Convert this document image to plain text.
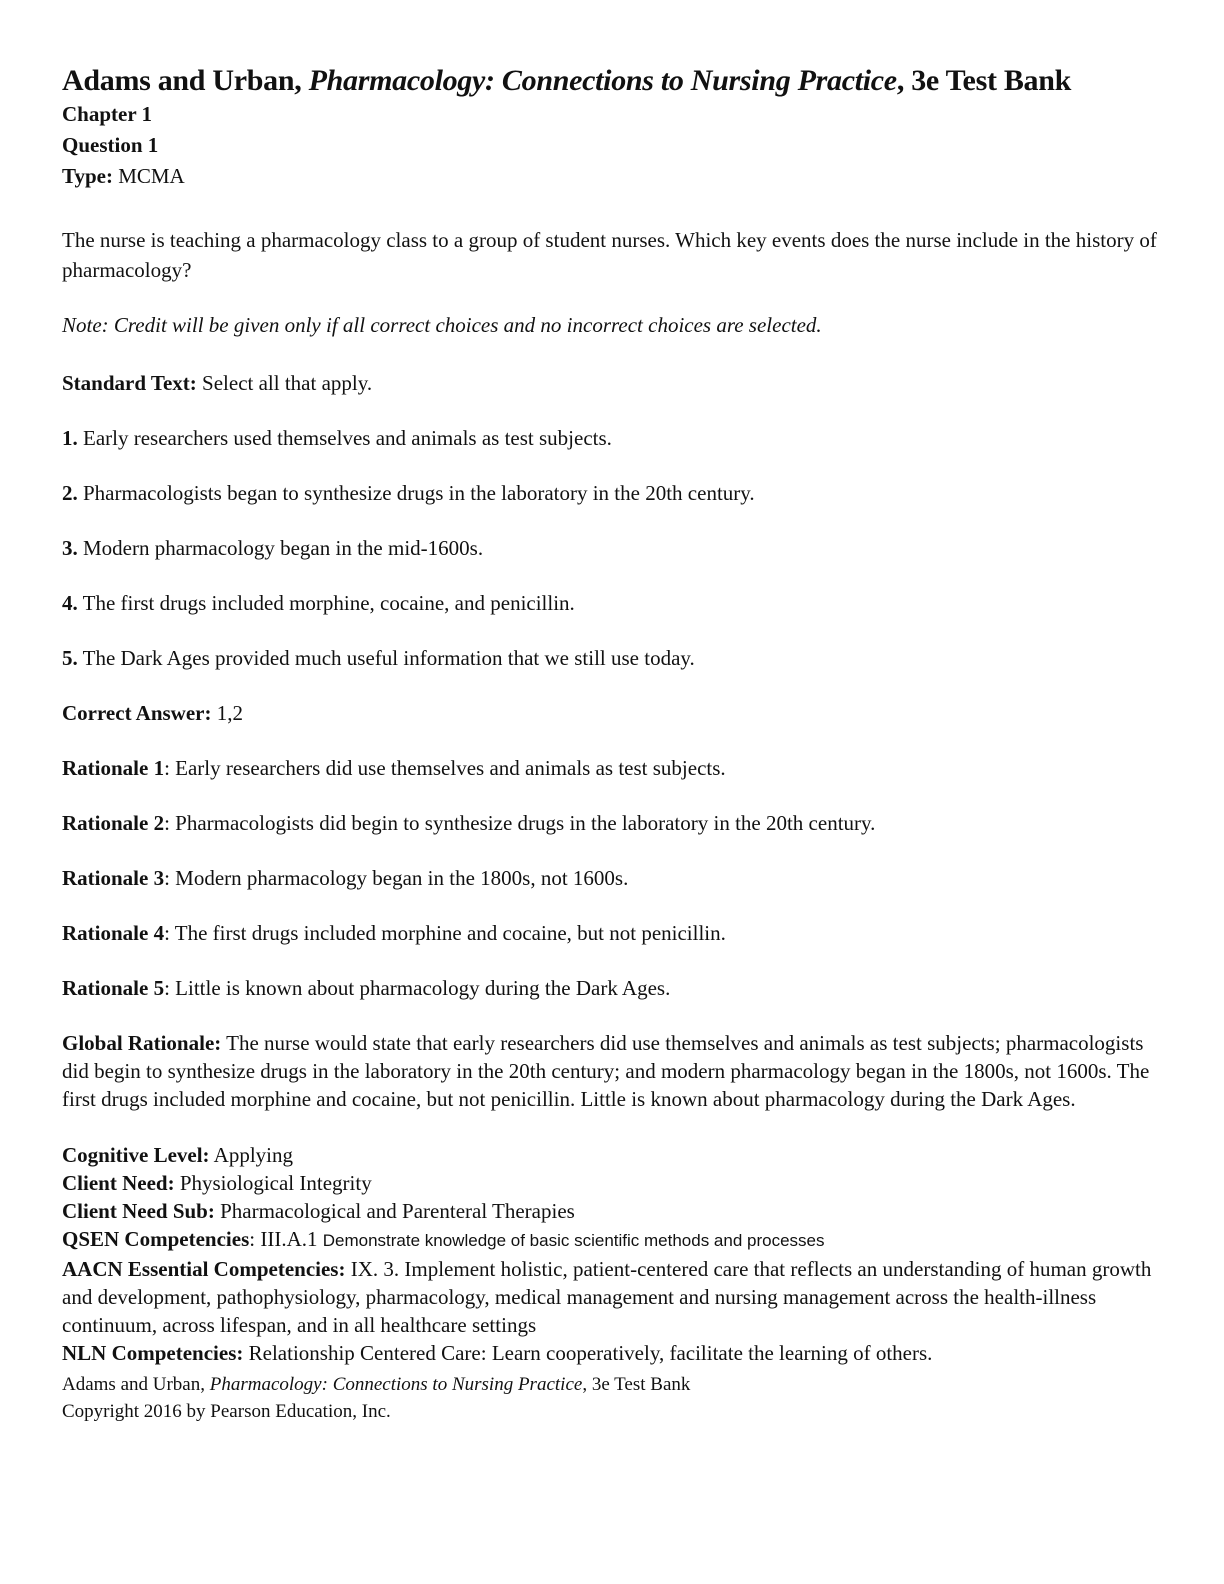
Adams and Urban, Pharmacology: Connections to Nursing Practice, 3e Test Bank
Chapter 1
Question 1
Type: MCMA
The nurse is teaching a pharmacology class to a group of student nurses. Which key events does the nurse include in the history of pharmacology?
Note: Credit will be given only if all correct choices and no incorrect choices are selected.
Standard Text: Select all that apply.
1. Early researchers used themselves and animals as test subjects.
2. Pharmacologists began to synthesize drugs in the laboratory in the 20th century.
3. Modern pharmacology began in the mid-1600s.
4. The first drugs included morphine, cocaine, and penicillin.
5. The Dark Ages provided much useful information that we still use today.
Correct Answer: 1,2
Rationale 1: Early researchers did use themselves and animals as test subjects.
Rationale 2: Pharmacologists did begin to synthesize drugs in the laboratory in the 20th century.
Rationale 3: Modern pharmacology began in the 1800s, not 1600s.
Rationale 4: The first drugs included morphine and cocaine, but not penicillin.
Rationale 5: Little is known about pharmacology during the Dark Ages.
Global Rationale: The nurse would state that early researchers did use themselves and animals as test subjects; pharmacologists did begin to synthesize drugs in the laboratory in the 20th century; and modern pharmacology began in the 1800s, not 1600s. The first drugs included morphine and cocaine, but not penicillin. Little is known about pharmacology during the Dark Ages.
Cognitive Level: Applying
Client Need: Physiological Integrity
Client Need Sub: Pharmacological and Parenteral Therapies
QSEN Competencies: III.A.1 Demonstrate knowledge of basic scientific methods and processes
AACN Essential Competencies: IX. 3. Implement holistic, patient-centered care that reflects an understanding of human growth and development, pathophysiology, pharmacology, medical management and nursing management across the health-illness continuum, across lifespan, and in all healthcare settings
NLN Competencies: Relationship Centered Care: Learn cooperatively, facilitate the learning of others.
Adams and Urban, Pharmacology: Connections to Nursing Practice, 3e Test Bank
Copyright 2016 by Pearson Education, Inc.
